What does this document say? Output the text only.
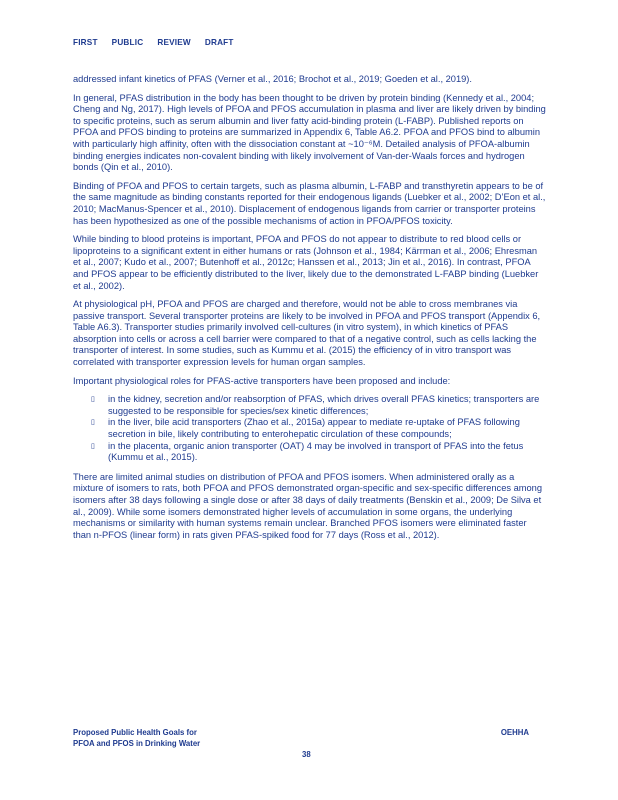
FIRST PUBLIC REVIEW DRAFT

addressed infant kinetics of PFAS (Verner et al., 2016; Brochot et al., 2019; Goeden et al., 2019).

In general, PFAS distribution in the body has been thought to be driven by protein binding (Kennedy et al., 2004; Cheng and Ng, 2017). High levels of PFOA and PFOS accumulation in plasma and liver are likely driven by binding to specific proteins, such as serum albumin and liver fatty acid-binding protein (L-FABP). Published reports on PFOA and PFOS binding to proteins are summarized in Appendix 6, Table A6.2. PFOA and PFOS bind to albumin with particularly high affinity, often with the dissociation constant at ~10⁻⁶M. Detailed analysis of PFOA-albumin binding energies indicates non-covalent binding with likely involvement of Van-der-Waals forces and hydrogen bonds (Qin et al., 2010).

Binding of PFOA and PFOS to certain targets, such as plasma albumin, L-FABP and transthyretin appears to be of the same magnitude as binding constants reported for their endogenous ligands (Luebker et al., 2002; D’Eon et al., 2010; MacManus-Spencer et al., 2010). Displacement of endogenous ligands from carrier or transporter proteins has been hypothesized as one of the possible mechanisms of action in PFOA/PFOS toxicity.

While binding to blood proteins is important, PFOA and PFOS do not appear to distribute to red blood cells or lipoproteins to a significant extent in either humans or rats (Johnson et al., 1984; Kärrman et al., 2006; Ehresman et al., 2007; Kudo et al., 2007; Butenhoff et al., 2012c; Hanssen et al., 2013; Jin et al., 2016). In contrast, PFOA and PFOS appear to be efficiently distributed to the liver, likely due to the demonstrated L-FABP binding (Luebker et al., 2002).

At physiological pH, PFOA and PFOS are charged and therefore, would not be able to cross membranes via passive transport. Several transporter proteins are likely to be involved in PFOA and PFOS transport (Appendix 6, Table A6.3). Transporter studies primarily involved cell-cultures (in vitro system), in which kinetics of PFAS absorption into cells or across a cell barrier were compared to that of a negative control, such as cells lacking the transporter of interest. In some studies, such as Kummu et al. (2015) the efficiency of in vitro transport was correlated with transporter expression levels for human organ samples.

Important physiological roles for PFAS-active transporters have been proposed and include:

▯ in the kidney, secretion and/or reabsorption of PFAS, which drives overall PFAS kinetics; transporters are suggested to be responsible for species/sex kinetic differences;
▯ in the liver, bile acid transporters (Zhao et al., 2015a) appear to mediate re-uptake of PFAS following secretion in bile, likely contributing to enterohepatic circulation of these compounds;
▯ in the placenta, organic anion transporter (OAT) 4 may be involved in transport of PFAS into the fetus (Kummu et al., 2015).

There are limited animal studies on distribution of PFOA and PFOS isomers. When administered orally as a mixture of isomers to rats, both PFOA and PFOS demonstrated organ-specific and sex-specific differences among isomers after 38 days following a single dose or after 38 days of daily treatments (Benskin et al., 2009; De Silva et al., 2009). While some isomers demonstrated higher levels of accumulation in some organs, the underlying mechanisms or similarity with human systems remain unclear. Branched PFOS isomers were eliminated faster than n-PFOS (linear form) in rats given PFAS-spiked food for 77 days (Ross et al., 2012).

Proposed Public Health Goals for
PFOA and PFOS in Drinking Water
OEHHA
38
